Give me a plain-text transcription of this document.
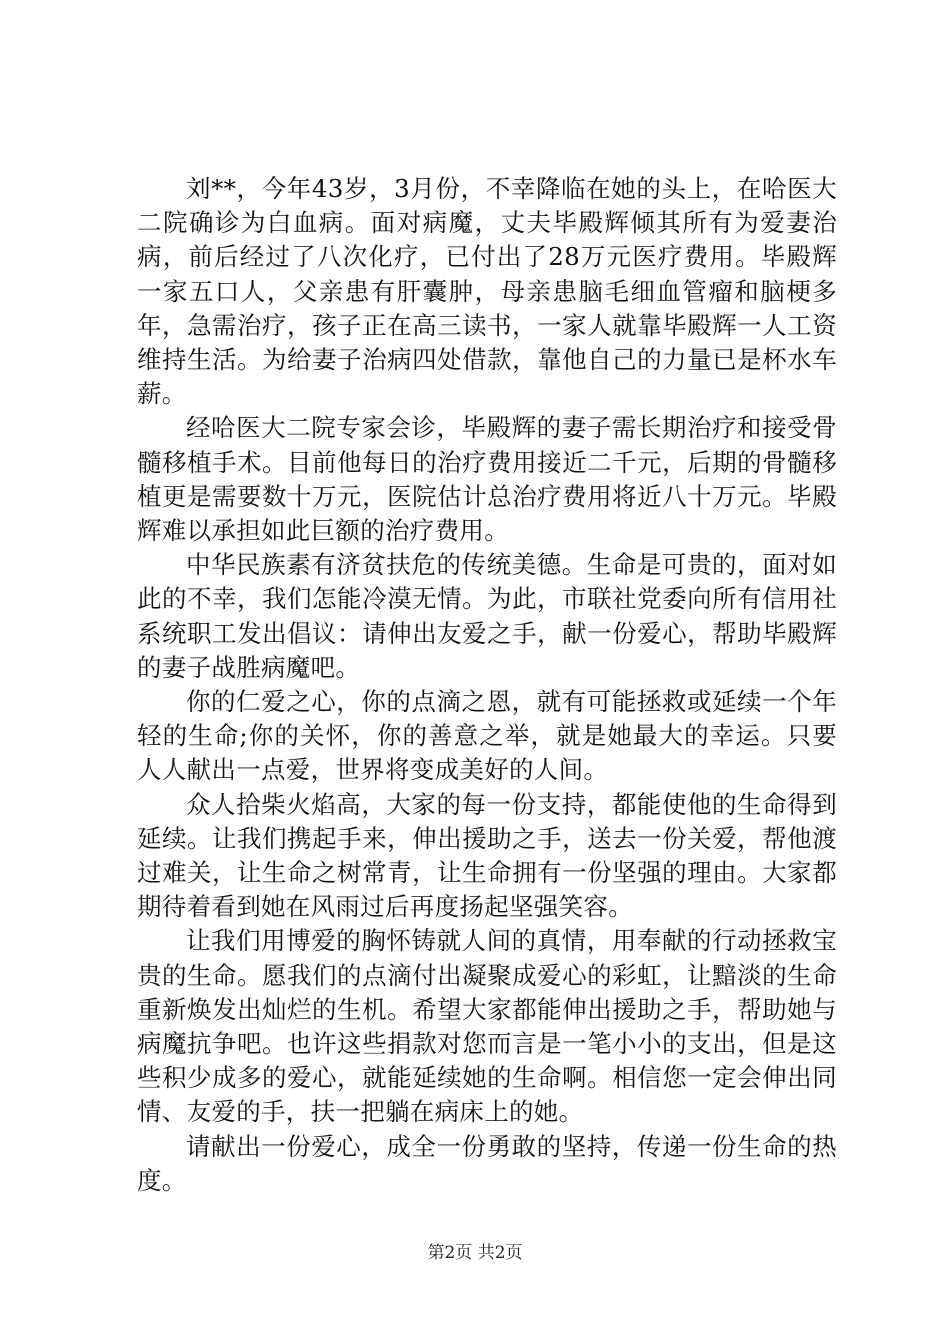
刘**，今年43岁，3月份，不幸降临在她的头上，在哈医大二院确诊为白血病。面对病魔，丈夫毕殿辉倾其所有为爱妻治病，前后经过了八次化疗，已付出了28万元医疗费用。毕殿辉一家五口人，父亲患有肝囊肿，母亲患脑毛细血管瘤和脑梗多年，急需治疗，孩子正在高三读书，一家人就靠毕殿辉一人工资维持生活。为给妻子治病四处借款，靠他自己的力量已是杯水车薪。

经哈医大二院专家会诊，毕殿辉的妻子需长期治疗和接受骨髓移植手术。目前他每日的治疗费用接近二千元，后期的骨髓移植更是需要数十万元，医院估计总治疗费用将近八十万元。毕殿辉难以承担如此巨额的治疗费用。

中华民族素有济贫扶危的传统美德。生命是可贵的，面对如此的不幸，我们怎能冷漠无情。为此，市联社党委向所有信用社系统职工发出倡议：请伸出友爱之手，献一份爱心，帮助毕殿辉的妻子战胜病魔吧。

你的仁爱之心，你的点滴之恩，就有可能拯救或延续一个年轻的生命;你的关怀，你的善意之举，就是她最大的幸运。只要人人献出一点爱，世界将变成美好的人间。

众人拾柴火焰高，大家的每一份支持，都能使他的生命得到延续。让我们携起手来，伸出援助之手，送去一份关爱，帮他渡过难关，让生命之树常青，让生命拥有一份坚强的理由。大家都期待着看到她在风雨过后再度扬起坚强笑容。

让我们用博爱的胸怀铸就人间的真情，用奉献的行动拯救宝贵的生命。愿我们的点滴付出凝聚成爱心的彩虹，让黯淡的生命重新焕发出灿烂的生机。希望大家都能伸出援助之手，帮助她与病魔抗争吧。也许这些捐款对您而言是一笔小小的支出，但是这些积少成多的爱心，就能延续她的生命啊。相信您一定会伸出同情、友爱的手，扶一把躺在病床上的她。

请献出一份爱心，成全一份勇敢的坚持，传递一份生命的热度。

第2页 共2页
